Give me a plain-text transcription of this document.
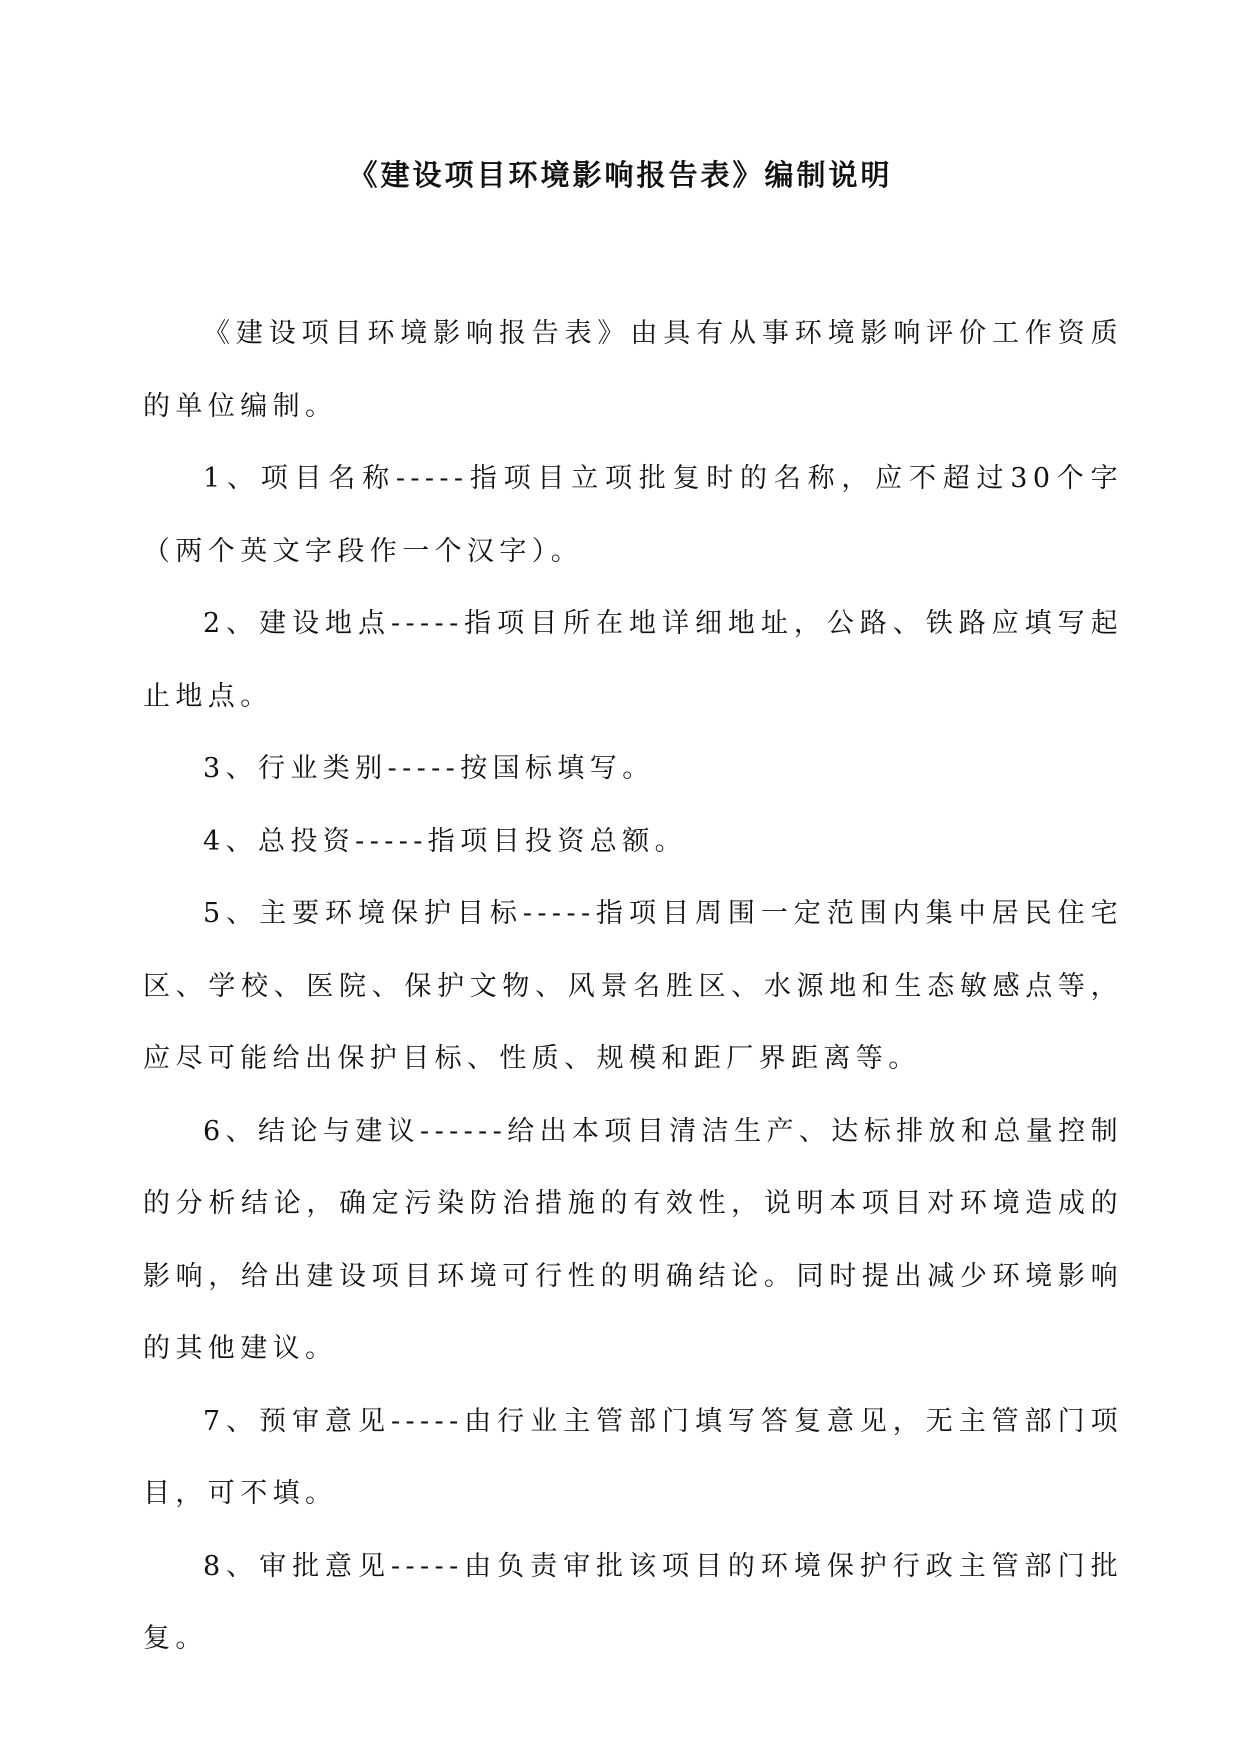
《建设项目环境影响报告表》编制说明

《建设项目环境影响报告表》由具有从事环境影响评价工作资质的单位编制。

1、项目名称-----指项目立项批复时的名称，应不超过30个字（两个英文字段作一个汉字）。

2、建设地点-----指项目所在地详细地址，公路、铁路应填写起止地点。

3、行业类别-----按国标填写。

4、总投资-----指项目投资总额。

5、主要环境保护目标-----指项目周围一定范围内集中居民住宅区、学校、医院、保护文物、风景名胜区、水源地和生态敏感点等，应尽可能给出保护目标、性质、规模和距厂界距离等。

6、结论与建议------给出本项目清洁生产、达标排放和总量控制的分析结论，确定污染防治措施的有效性，说明本项目对环境造成的影响，给出建设项目环境可行性的明确结论。同时提出减少环境影响的其他建议。

7、预审意见-----由行业主管部门填写答复意见，无主管部门项目，可不填。

8、审批意见-----由负责审批该项目的环境保护行政主管部门批复。
